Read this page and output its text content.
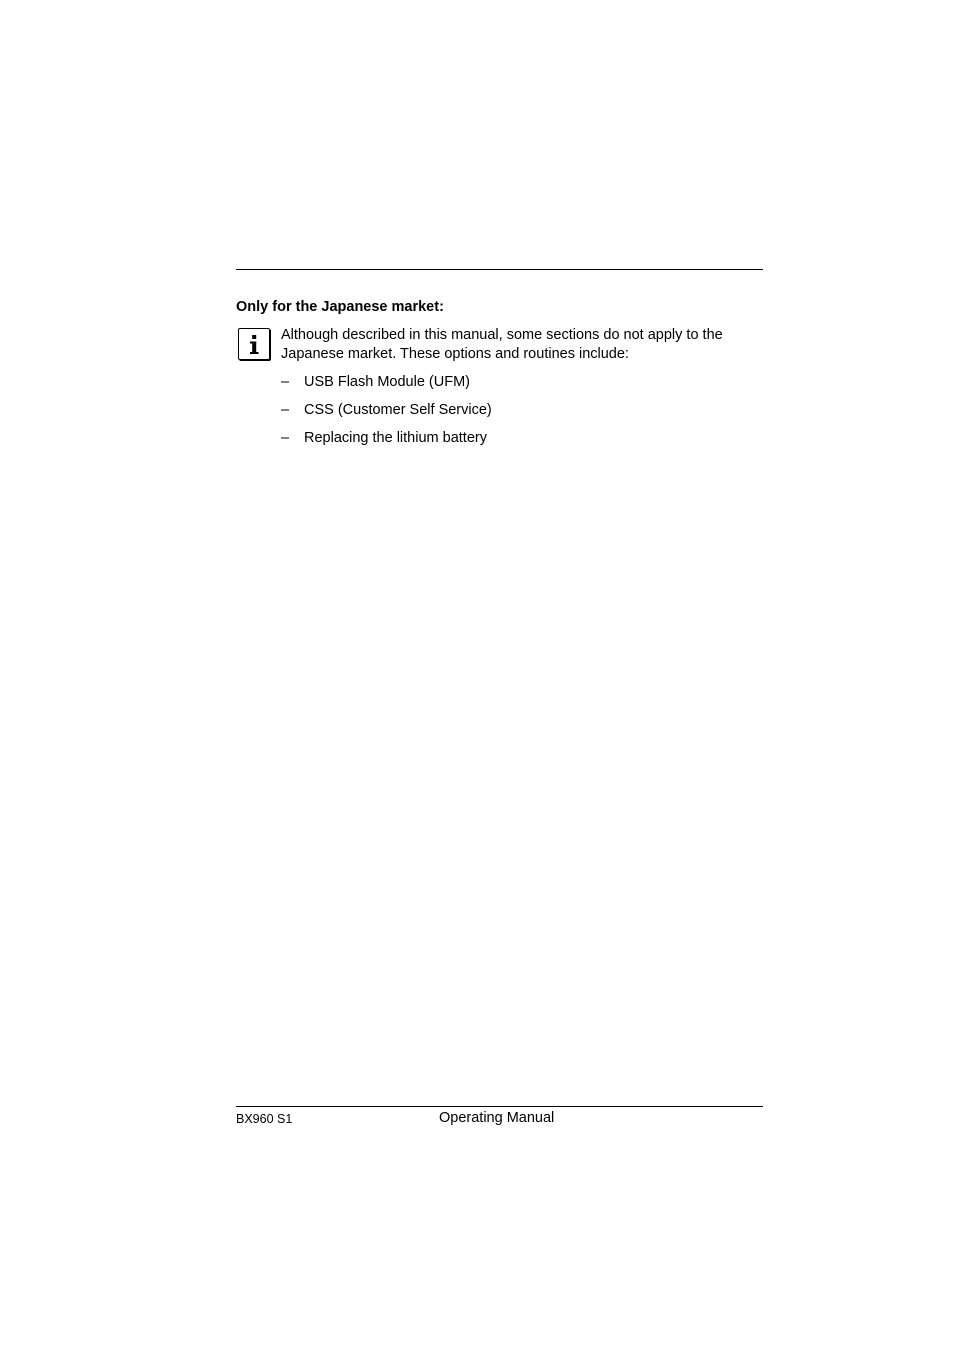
Only for the Japanese market:
Although described in this manual, some sections do not apply to the Japanese market. These options and routines include:
– USB Flash Module (UFM)
– CSS (Customer Self Service)
– Replacing the lithium battery
BX960 S1	Operating Manual
